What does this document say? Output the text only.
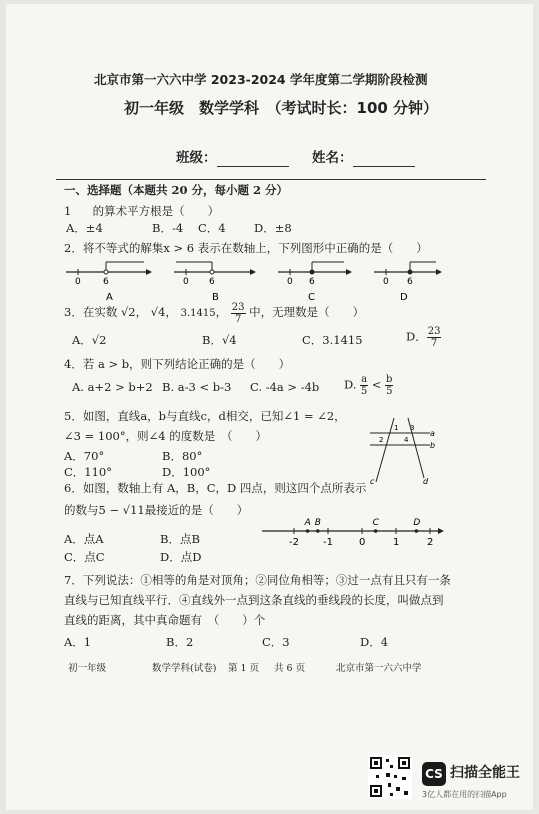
北京市第一六六中学 2023-2024 学年度第二学期阶段检测
初一年级　数学学科　（考试时长：100 分钟）
班级：	姓名：
一、选择题（本题共 20 分，每小题 2 分）
1 的算术平方根是（　　）
A．±4	B．-4 C．4 D．±8
2．将不等式的解集x > 6 表示在数轴上，下列图形中正确的是（　　）
0 6
A
0 6
B
0 6
C
0 6
D
3．在实数 √2， √4， 3.1415， $\frac{23}{7}$ 中，无理数是（　　）
A．√2	B．√4	C．3.1415	D． $\frac{23}{7}$
4．若 a > b，则下列结论正确的是（　　）
A. a+2 > b+2 B. a-3 < b-3 C. -4a > -4b D. $\frac{a}{5} < \frac{b}{5}$
5．如图，直线a，b与直线c，d相交，已知∠1 = ∠2，
∠3 = 100°，则∠4 的度数是　（　　）
A．70°	B．80°
C．110°	D．100°
a
b
c	d
1
2
3
4
6．如图，数轴上有 A，B，C，D 四点，则这四个点所表示
的数与5 − √11最接近的是（　　）
A．点A	B．点B
C．点C	D．点D
-2 -1	0	1	2
A B	C	D
7．下列说法：①相等的角是对顶角；②同位角相等；③过一点有且只有一条
直线与已知直线平行．④直线外一点到这条直线的垂线段的长度，叫做点到
直线的距离，其中真命题有　（　　）个
A．1	B．2	C．3	D．4
初一年级	数学学科(试卷) 第 1 页 共 6 页	北京市第一六六中学
CS 扫描全能王
3亿人都在用的扫描App
